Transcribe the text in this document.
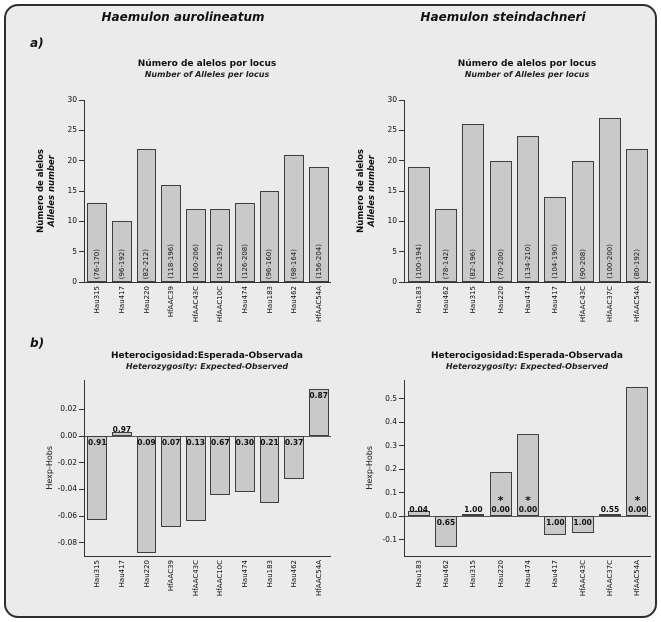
Haemulon aurolineatum	Haemulon steindachneri
a)
b)
Número de alelos por locus
Number of Alleles per locus
Número de alelos Alleles number
0
5
10
15
20
25
30
(76-170)
Hau315
(96-192)
Hau417
(82-212)
Hau220
(118-196)
HfAAC39
(160-206)
HfAAC43C
(102-192)
HfAAC10C
(126-208)
Hau474
(96-160)
Hau183
(98-164)
Hau462
(156-204)
HfAAC54A
Número de alelos por locus
Number of Alleles per locus
Número de alelos Alleles number
0
5
10
15
20
25
30
(100-194)
Hau183
(78-142)
Hau462
(82-196)
Hau315
(70-200)
Hau220
(134-210)
Hau474
(104-190)
Hau417
(90-208)
HfAAC43C
(100-200)
HfAAC37C
(80-192)
HfAAC54A
Heterocigosidad:Esperada-Observada
Heterozygosity: Expected-Observed
Hexp-Hobs
0.02
0.00
-0.02
-0.04
-0.06
-0.08
0.91
Hau315
0.97
Hau417
0.09
Hau220
0.07
HfAAC39
0.13
HfAAC43C
0.67
HfAAC10C
0.30
Hau474
0.21
Hau183
0.37
Hau462
0.87
HfAAC54A
Heterocigosidad:Esperada-Observada
Heterozygosity: Expected-Observed
Hexp-Hobs
0.5
0.4
0.3
0.2
0.1
0.0
-0.1
0.04
Hau183
0.65
Hau462
1.00
Hau315
0.00
*
Hau220
0.00
*
Hau474
1.00
Hau417
1.00
HfAAC43C
0.55
HfAAC37C
0.00
*
HfAAC54A
